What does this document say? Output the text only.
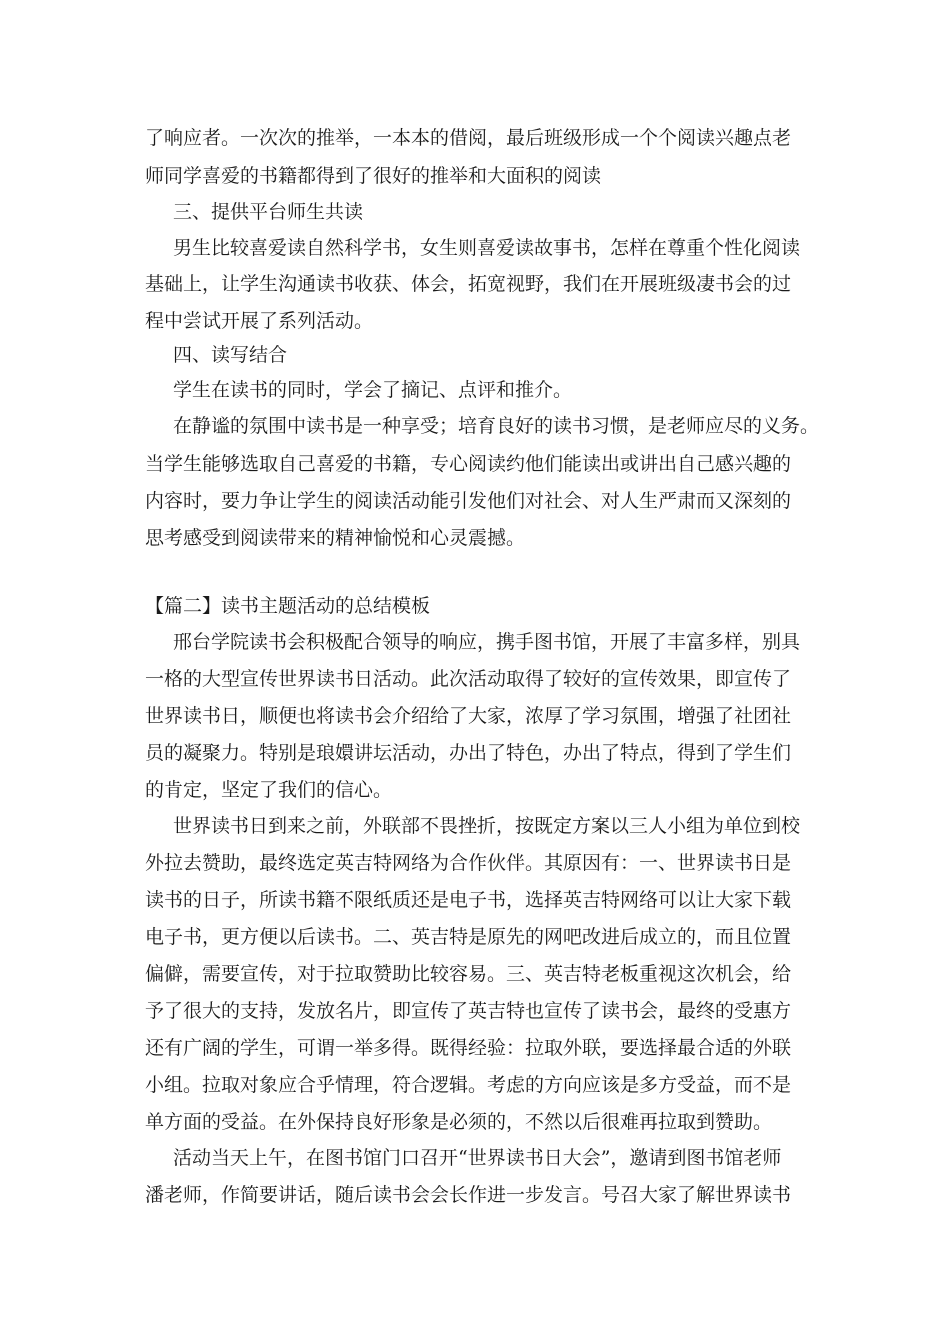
了响应者。一次次的推举，一本本的借阅，最后班级形成一个个阅读兴趣点老
师同学喜爱的书籍都得到了很好的推举和大面积的阅读
三、提供平台师生共读
男生比较喜爱读自然科学书，女生则喜爱读故事书，怎样在尊重个性化阅读
基础上，让学生沟通读书收获、体会，拓宽视野，我们在开展班级凄书会的过
程中尝试开展了系列活动。
四、读写结合
学生在读书的同时，学会了摘记、点评和推介。
在静谧的氛围中读书是一种享受；培育良好的读书习惯，是老师应尽的义务。
当学生能够选取自己喜爱的书籍，专心阅读约他们能读出或讲出自己感兴趣的
内容时，要力争让学生的阅读活动能引发他们对社会、对人生严肃而又深刻的
思考感受到阅读带来的精神愉悦和心灵震撼。
【篇二】读书主题活动的总结模板
邢台学院读书会积极配合领导的响应，携手图书馆，开展了丰富多样，别具
一格的大型宣传世界读书日活动。此次活动取得了较好的宣传效果，即宣传了
世界读书日，顺便也将读书会介绍给了大家，浓厚了学习氛围，增强了社团社
员的凝聚力。特别是琅嬛讲坛活动，办出了特色，办出了特点，得到了学生们
的肯定，坚定了我们的信心。
世界读书日到来之前，外联部不畏挫折，按既定方案以三人小组为单位到校
外拉去赞助，最终选定英吉特网络为合作伙伴。其原因有：一、世界读书日是
读书的日子，所读书籍不限纸质还是电子书，选择英吉特网络可以让大家下载
电子书，更方便以后读书。二、英吉特是原先的网吧改进后成立的，而且位置
偏僻，需要宣传，对于拉取赞助比较容易。三、英吉特老板重视这次机会，给
予了很大的支持，发放名片，即宣传了英吉特也宣传了读书会，最终的受惠方
还有广阔的学生，可谓一举多得。既得经验：拉取外联，要选择最合适的外联
小组。拉取对象应合乎情理，符合逻辑。考虑的方向应该是多方受益，而不是
单方面的受益。在外保持良好形象是必须的，不然以后很难再拉取到赞助。
活动当天上午，在图书馆门口召开“世界读书日大会”，邀请到图书馆老师
潘老师，作简要讲话，随后读书会会长作进一步发言。号召大家了解世界读书
